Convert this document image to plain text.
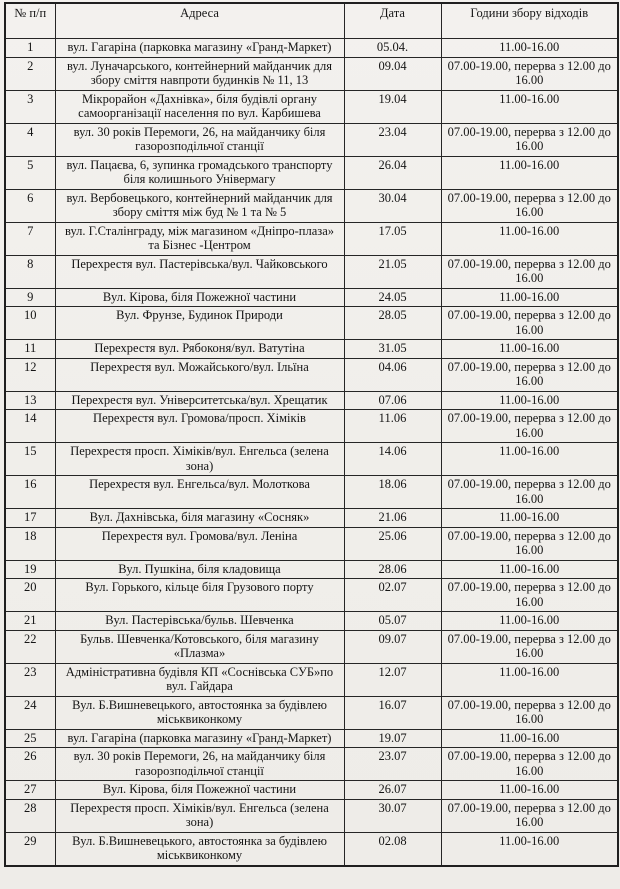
№ п/п	Адреса	Дата	Години збору відходів
1	вул. Гагаріна (парковка магазину «Гранд-Маркет)	05.04.	11.00-16.00
2	вул. Луначарського, контейнерний майданчик для збору сміття навпроти будинків № 11, 13	09.04	07.00-19.00, перерва з 12.00 до 16.00
3	Мікрорайон «Дахнівка», біля будівлі органу самоорганізації населення по вул. Карбишева	19.04	11.00-16.00
4	вул. 30 років Перемоги, 26, на майданчику біля газорозподільчої станції	23.04	07.00-19.00, перерва з 12.00 до 16.00
5	вул. Пацаєва, 6, зупинка громадського транспорту біля колишнього Універмагу	26.04	11.00-16.00
6	вул. Вербовецького, контейнерний майданчик для збору сміття між буд № 1 та № 5	30.04	07.00-19.00, перерва з 12.00 до 16.00
7	вул. Г.Сталінграду, між магазином «Дніпро-плаза» та Бізнес -Центром	17.05	11.00-16.00
8	Перехрестя вул. Пастерівська/вул. Чайковського	21.05	07.00-19.00, перерва з 12.00 до 16.00
9	Вул. Кірова, біля Пожежної частини	24.05	11.00-16.00
10	Вул. Фрунзе, Будинок Природи	28.05	07.00-19.00, перерва з 12.00 до 16.00
11	Перехрестя вул. Рябоконя/вул. Ватутіна	31.05	11.00-16.00
12	Перехрестя вул. Можайського/вул. Ільїна	04.06	07.00-19.00, перерва з 12.00 до 16.00
13	Перехрестя вул. Університетська/вул. Хрещатик	07.06	11.00-16.00
14	Перехрестя вул. Громова/просп. Хіміків	11.06	07.00-19.00, перерва з 12.00 до 16.00
15	Перехрестя просп. Хіміків/вул. Енгельса (зелена зона)	14.06	11.00-16.00
16	Перехрестя вул. Енгельса/вул. Молоткова	18.06	07.00-19.00, перерва з 12.00 до 16.00
17	Вул. Дахнівська, біля магазину «Сосняк»	21.06	11.00-16.00
18	Перехрестя вул. Громова/вул. Леніна	25.06	07.00-19.00, перерва з 12.00 до 16.00
19	Вул. Пушкіна, біля кладовища	28.06	11.00-16.00
20	Вул. Горького, кільце біля Грузового порту	02.07	07.00-19.00, перерва з 12.00 до 16.00
21	Вул. Пастерівська/бульв. Шевченка	05.07	11.00-16.00
22	Бульв. Шевченка/Котовського, біля магазину «Плазма»	09.07	07.00-19.00, перерва з 12.00 до 16.00
23	Адміністративна будівля КП «Соснівська СУБ»по вул. Гайдара	12.07	11.00-16.00
24	Вул. Б.Вишневецького, автостоянка за будівлею міськвиконкому	16.07	07.00-19.00, перерва з 12.00 до 16.00
25	вул. Гагаріна (парковка магазину «Гранд-Маркет)	19.07	11.00-16.00
26	вул. 30 років Перемоги, 26, на майданчику біля газорозподільчої станції	23.07	07.00-19.00, перерва з 12.00 до 16.00
27	Вул. Кірова, біля Пожежної частини	26.07	11.00-16.00
28	Перехрестя просп. Хіміків/вул. Енгельса (зелена зона)	30.07	07.00-19.00, перерва з 12.00 до 16.00
29	Вул. Б.Вишневецького, автостоянка за будівлею міськвиконкому	02.08	11.00-16.00
